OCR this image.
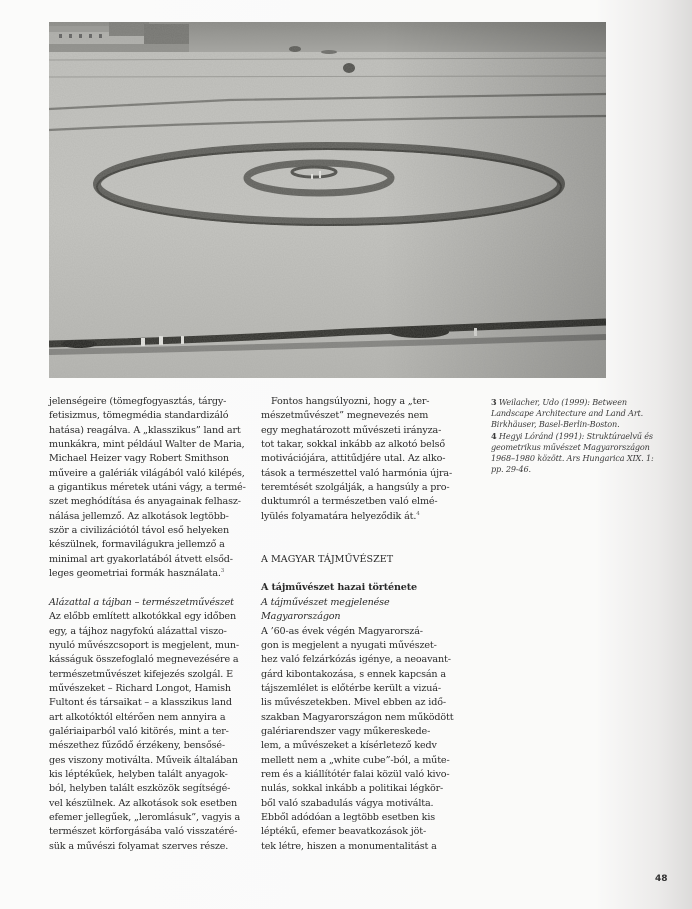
jelenségeire (tömegfogyasztás, tárgy-
fetisizmus, tömegmédia standardizáló
hatása) reagálva. A „klasszikus” land art
munkákra, mint például Walter de Maria,
Michael Heizer vagy Robert Smithson
műveire a galériák világából való kilépés,
a gigantikus méretek utáni vágy, a termé-
szet meghódítása és anyagainak felhasz-
nálása jellemző. Az alkotások legtöbb-
ször a civilizációtól távol eső helyeken
készülnek, formavilágukra jellemző a
minimal art gyakorlatából átvett elsőd-
leges geometriai formák használata.$^3$

Alázattal a tájban – természetművészet

Az előbb említett alkotókkal egy időben
egy, a tájhoz nagyfokú alázattal viszo-
nyuló művészcsoport is megjelent, mun-
kásságuk összefoglaló megnevezésére a
természetművészet kifejezés szolgál. E
művészeket – Richard Longot, Hamish
Fultont és társaikat – a klasszikus land
art alkotóktól eltérően nem annyira a
galériaiparból való kitörés, mint a ter-
mészethez fűződő érzékeny, bensősé-
ges viszony motiválta. Műveik általában
kis léptékűek, helyben talált anyagok-
ból, helyben talált eszközök segítségé-
vel készülnek. Az alkotások sok esetben
efemer jellegűek, „leromlásuk”, vagyis a
természet körforgásába való visszatéré-
sük a művészi folyamat szerves része.

Fontos hangsúlyozni, hogy a „ter-
mészetművészet” megnevezés nem
egy meghatározott művészeti irányza-
tot takar, sokkal inkább az alkotó belső
motivációjára, attitűdjére utal. Az alko-
tások a természettel való harmónia újra-
teremtését szolgálják, a hangsúly a pro-
duktumról a természetben való elmé-
lyülés folyamatára helyeződik át.$^4$

A MAGYAR TÁJMŰVÉSZET

A tájművészet hazai története

A tájművészet megjelenése
Magyarországon

A ’60-as évek végén Magyarorszá-
gon is megjelent a nyugati művészet-
hez való felzárkózás igénye, a neoavant-
gárd kibontakozása, s ennek kapcsán a
tájszemlélet is előtérbe került a vizuá-
lis művészetekben. Mivel ebben az idő-
szakban Magyarországon nem működött
galériarendszer vagy műkereskede-
lem, a művészeket a kísérletező kedv
mellett nem a „white cube”-ból, a műte-
rem és a kiállítótér falai közül való kivo-
nulás, sokkal inkább a politikai légkör-
ből való szabadulás vágya motiválta.
Ebből adódóan a legtöbb esetben kis
léptékű, efemer beavatkozások jöt-
tek létre, hiszen a monumentalitást a

3 Weilacher, Udo (1999): Between
Landscape Architecture and Land Art.
Birkhäuser, Basel-Berlin-Boston.

4 Hegyi Lóránd (1991): Struktúraelvű és
geometrikus művészet Magyarországon
1968–1980 között. Ars Hungarica XIX. 1:
pp. 29-46.

48
